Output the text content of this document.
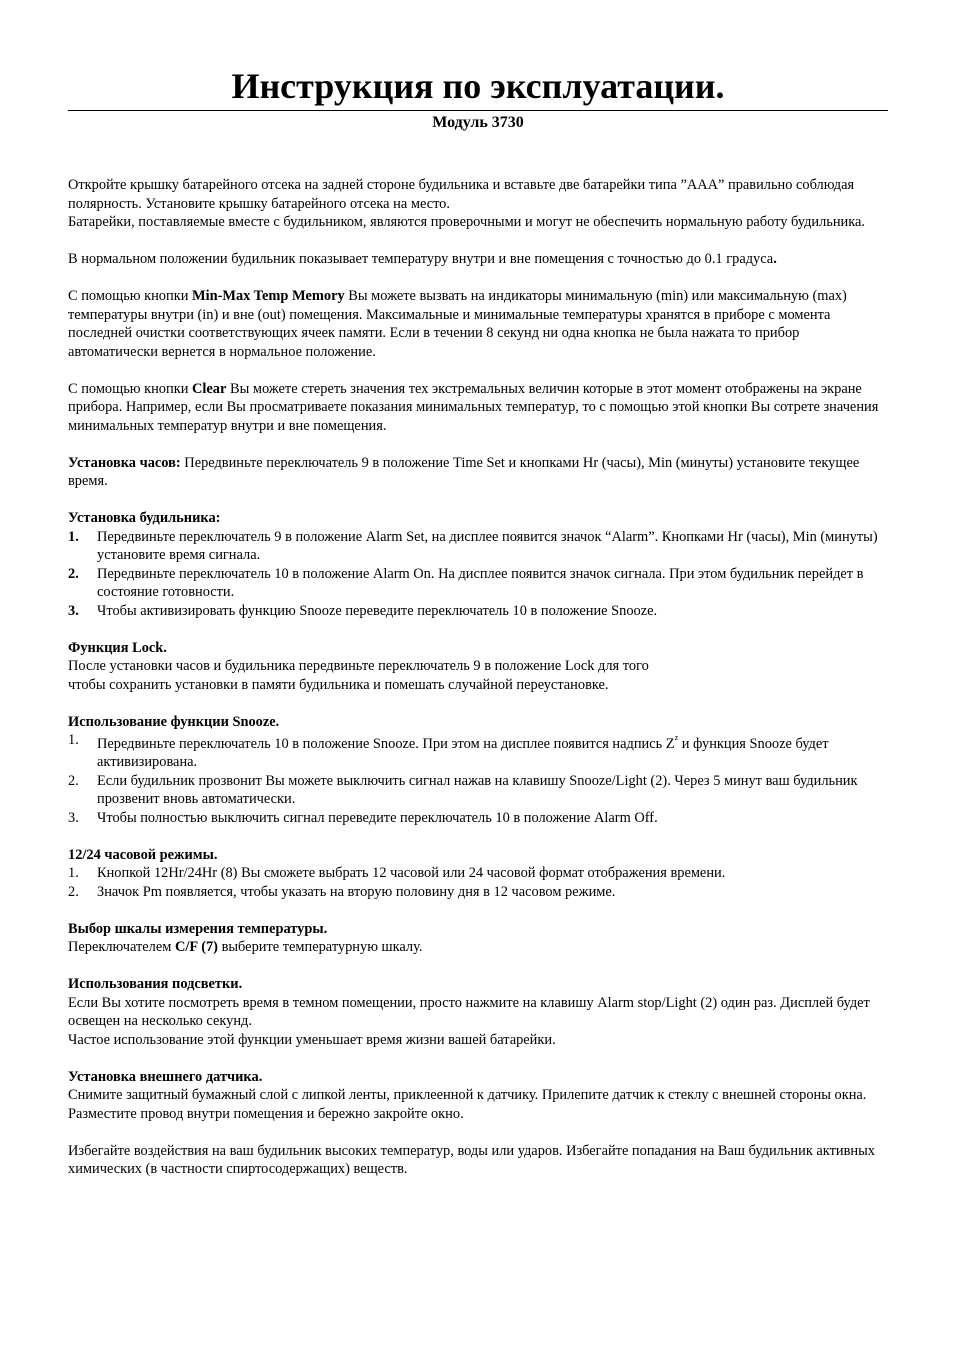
Инструкция по эксплуатации.
Модуль 3730

Откройте крышку батарейного отсека на задней стороне будильника и вставьте две батарейки типа ”ААА” правильно соблюдая полярность. Установите крышку батарейного отсека на место.

Батарейки, поставляемые вместе с будильником, являются проверочными и могут не обеспечить нормальную работу будильника.

В нормальном положении будильник показывает температуру внутри и вне помещения с точностью до 0.1 градуса.

С помощью кнопки Min-Max Temp Memory Вы можете вызвать на индикаторы минимальную (min) или максимальную (max) температуры внутри (in) и вне (out) помещения. Максимальные и минимальные температуры хранятся в приборе с момента последней очистки соответствующих ячеек памяти. Если в течении 8 секунд ни одна кнопка не была нажата то прибор автоматически вернется в нормальное положение.

С помощью кнопки Clear Вы можете стереть значения тех экстремальных величин которые в этот момент отображены на экране прибора. Например, если Вы просматриваете показания минимальных температур, то с помощью этой кнопки Вы сотрете значения минимальных температур внутри и вне помещения.

Установка часов: Передвиньте переключатель 9 в положение Time Set и кнопками Hr (часы), Min (минуты) установите текущее время.

Установка будильника:

1.	Передвиньте переключатель 9 в положение Alarm Set, на дисплее появится значок “Alarm”. Кнопками Hr (часы), Min (минуты) установите время сигнала.
2.	Передвиньте переключатель 10 в положение Alarm On. На дисплее появится значок сигнала. При этом будильник перейдет в состояние готовности.
3.	Чтобы активизировать функцию Snooze переведите переключатель 10 в положение Snooze.

Функция Lock.

После установки часов и будильника передвиньте переключатель 9 в положение Lock для того

чтобы сохранить установки в памяти будильника и помешать случайной переустановке.

Использование функции Snooze.

1.	Передвиньте переключатель 10 в положение Snooze. При этом на дисплее появится надпись $Z^z$ и функция Snooze будет активизирована.
2.	Если будильник прозвонит Вы можете выключить сигнал нажав на клавишу Snooze/Light (2). Через 5 минут ваш будильник прозвенит вновь автоматически.
3.	Чтобы полностью выключить сигнал переведите переключатель 10 в положение Alarm Off.

12/24 часовой режимы.

1.	Кнопкой 12Hr/24Hr (8) Вы сможете выбрать 12 часовой или 24 часовой формат отображения времени.
2.	Значок Pm появляется, чтобы указать на вторую половину дня в 12 часовом режиме.

Выбор шкалы измерения температуры.

Переключателем C/F (7) выберите температурную шкалу.

Использования подсветки.

Если Вы хотите посмотреть время в темном помещении, просто нажмите на клавишу Alarm stop/Light (2) один раз. Дисплей будет освещен на несколько секунд.

Частое использование этой функции уменьшает время жизни вашей батарейки.

Установка внешнего датчика.

Снимите защитный бумажный слой с липкой ленты, приклеенной к датчику. Прилепите датчик к стеклу с внешней стороны окна. Разместите провод внутри помещения и бережно закройте окно.

Избегайте воздействия на ваш будильник высоких температур, воды или ударов. Избегайте попадания на Ваш будильник активных химических (в частности спиртосодержащих) веществ.
